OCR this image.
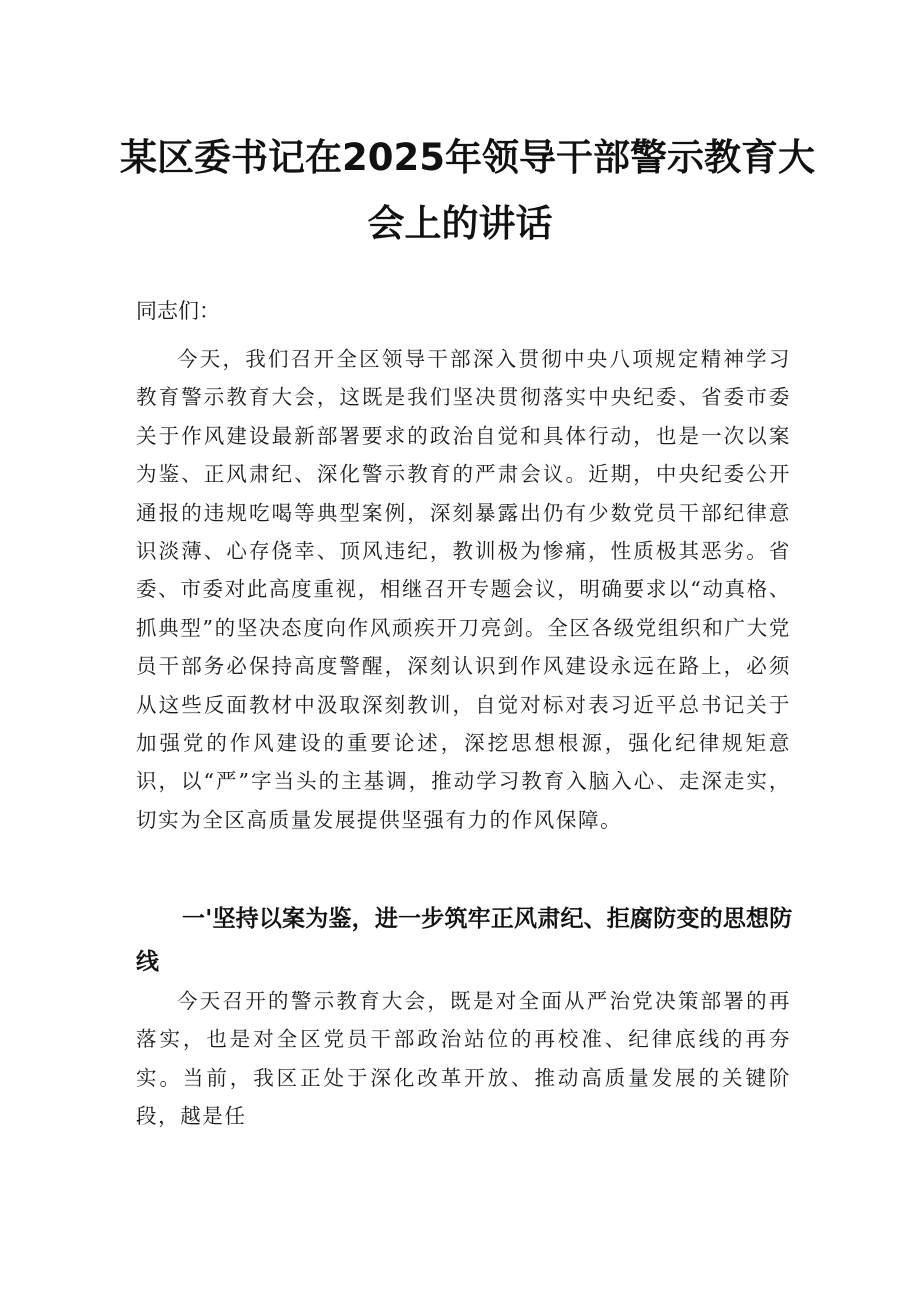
某区委书记在2025年领导干部警示教育大
会上的讲话
同志们：

今天，我们召开全区领导干部深入贯彻中央八项规定精神学习教育警示教育大会，这既是我们坚决贯彻落实中央纪委、省委市委关于作风建设最新部署要求的政治自觉和具体行动，也是一次以案为鉴、正风肃纪、深化警示教育的严肃会议。近期，中央纪委公开通报的违规吃喝等典型案例，深刻暴露出仍有少数党员干部纪律意识淡薄、心存侥幸、顶风违纪，教训极为惨痛，性质极其恶劣。省委、市委对此高度重视，相继召开专题会议，明确要求以“动真格、抓典型”的坚决态度向作风顽疾开刀亮剑。全区各级党组织和广大党员干部务必保持高度警醒，深刻认识到作风建设永远在路上，必须从这些反面教材中汲取深刻教训，自觉对标对表习近平总书记关于加强党的作风建设的重要论述，深挖思想根源，强化纪律规矩意识，以“严”字当头的主基调，推动学习教育入脑入心、走深走实，切实为全区高质量发展提供坚强有力的作风保障。

一'坚持以案为鉴，进一步筑牢正风肃纪、拒腐防变的思想防线

今天召开的警示教育大会，既是对全面从严治党决策部署的再落实，也是对全区党员干部政治站位的再校准、纪律底线的再夯实。当前，我区正处于深化改革开放、推动高质量发展的关键阶段，越是任
